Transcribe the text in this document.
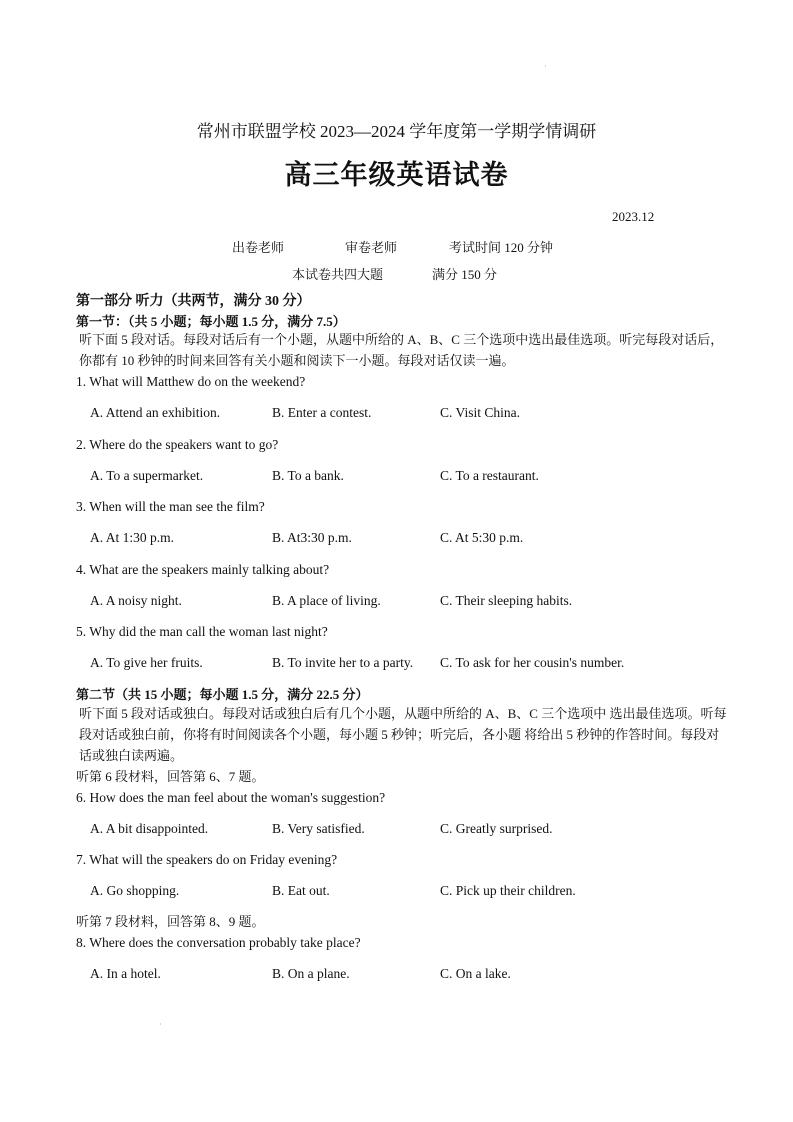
常州市联盟学校 2023—2024 学年度第一学期学情调研
高三年级英语试卷
2023.12
出卷老师	审卷老师	考试时间 120 分钟
本试卷共四大题	满分 150 分
第一部分 听力（共两节，满分 30 分）
第一节：（共 5 小题；每小题 1.5 分，满分 7.5）
听下面 5 段对话。每段对话后有一个小题，从题中所给的 A、B、C 三个选项中选出最佳选项。听完每段对话后，你都有 10 秒钟的时间来回答有关小题和阅读下一小题。每段对话仅读一遍。
1. What will Matthew do on the weekend?
A. Attend an exhibition.	B. Enter a contest.	C. Visit China.
2. Where do the speakers want to go?
A. To a supermarket.	B. To a bank.	C. To a restaurant.
3. When will the man see the film?
A. At 1:30 p.m.	B. At3:30 p.m.	C. At 5:30 p.m.
4. What are the speakers mainly talking about?
A. A noisy night.	B. A place of living.	C. Their sleeping habits.
5. Why did the man call the woman last night?
A. To give her fruits.	B. To invite her to a party. C. To ask for her cousin's number.
第二节（共 15 小题；每小题 1.5 分，满分 22.5 分）
听下面 5 段对话或独白。每段对话或独白后有几个小题，从题中所给的 A、B、C 三个选项中 选出最佳选项。听每段对话或独白前，你将有时间阅读各个小题，每小题 5 秒钟；听完后，各小题 将给出 5 秒钟的作答时间。每段对话或独白读两遍。
听第 6 段材料，回答第 6、7 题。
6. How does the man feel about the woman's suggestion?
A. A bit disappointed.	B. Very satisfied.	C. Greatly surprised.
7. What will the speakers do on Friday evening?
A. Go shopping.	B. Eat out.	C. Pick up their children.
听第 7 段材料，回答第 8、9 题。
8. Where does the conversation probably take place?
A. In a hotel.	B. On a plane.	C. On a lake.
·
·
